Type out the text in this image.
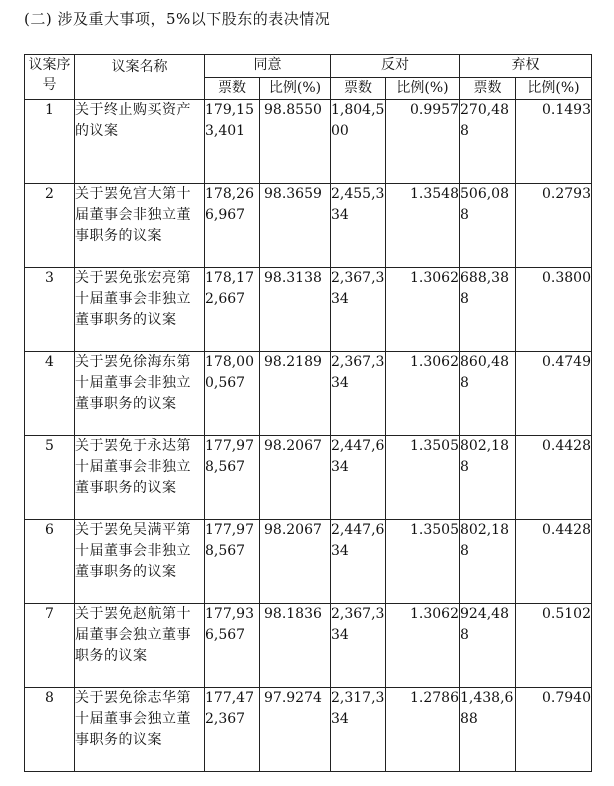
(二) 涉及重大事项，5%以下股东的表决情况
议案序号	议案名称	同意		反对		弃权	
		票数	比例(%)	票数	比例(%)	票数	比例(%)
1	关于终止购买资产的议案	179,153,401	98.8550	1,804,500	0.9957	270,488	0.1493
2	关于罢免宫大第十届董事会非独立董事职务的议案	178,266,967	98.3659	2,455,334	1.3548	506,088	0.2793
3	关于罢免张宏亮第十届董事会非独立董事职务的议案	178,172,667	98.3138	2,367,334	1.3062	688,388	0.3800
4	关于罢免徐海东第十届董事会非独立董事职务的议案	178,000,567	98.2189	2,367,334	1.3062	860,488	0.4749
5	关于罢免于永达第十届董事会非独立董事职务的议案	177,978,567	98.2067	2,447,634	1.3505	802,188	0.4428
6	关于罢免吴满平第十届董事会非独立董事职务的议案	177,978,567	98.2067	2,447,634	1.3505	802,188	0.4428
7	关于罢免赵航第十届董事会独立董事职务的议案	177,936,567	98.1836	2,367,334	1.3062	924,488	0.5102
8	关于罢免徐志华第十届董事会独立董事职务的议案	177,472,367	97.9274	2,317,334	1.2786	1,438,688	0.7940
